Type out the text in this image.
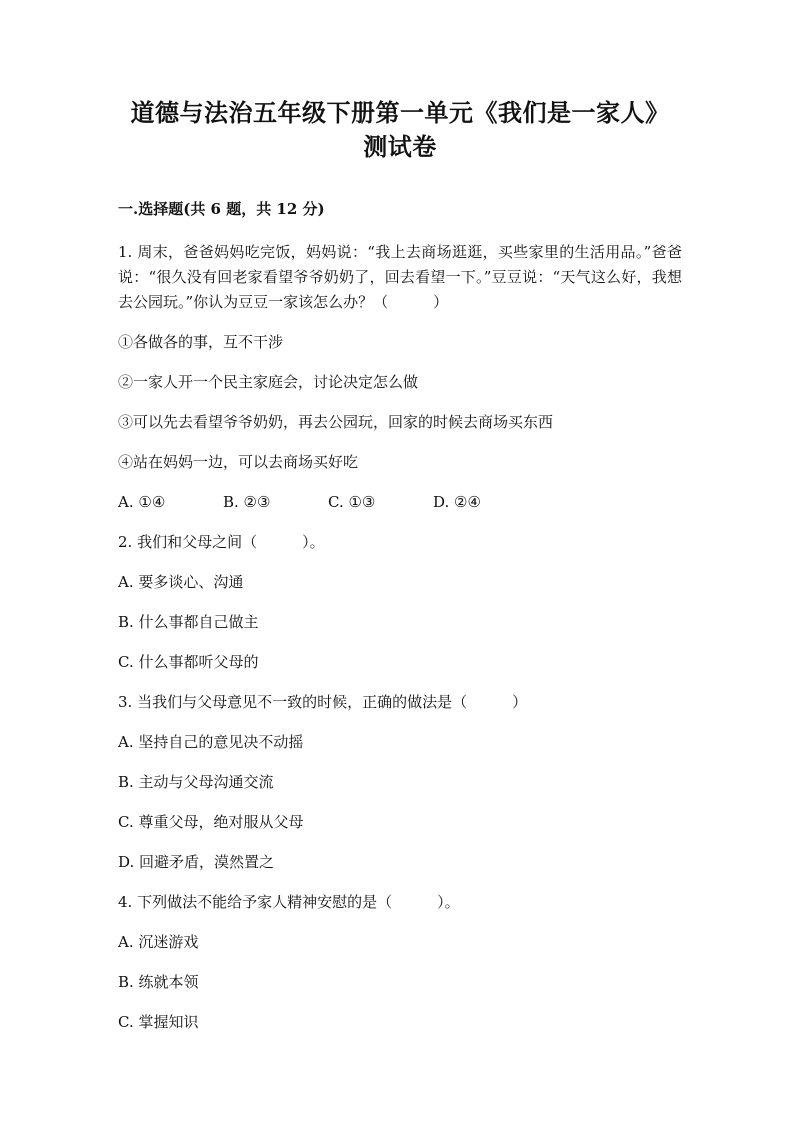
道德与法治五年级下册第一单元《我们是一家人》
测试卷
一.选择题(共 6 题，共 12 分)
1. 周末，爸爸妈妈吃完饭，妈妈说：“我上去商场逛逛，买些家里的生活用品。”爸爸说：“很久没有回老家看望爷爷奶奶了，回去看望一下。”豆豆说：“天气这么好，我想去公园玩。”你认为豆豆一家该怎么办？（　　　）
①各做各的事，互不干涉
②一家人开一个民主家庭会，讨论决定怎么做
③可以先去看望爷爷奶奶，再去公园玩，回家的时候去商场买东西
④站在妈妈一边，可以去商场买好吃
A. ①④	B. ②③	C. ①③	D. ②④
2. 我们和父母之间（　　　）。
A. 要多谈心、沟通
B. 什么事都自己做主
C. 什么事都听父母的
3. 当我们与父母意见不一致的时候，正确的做法是（　　　）
A. 坚持自己的意见决不动摇
B. 主动与父母沟通交流
C. 尊重父母，绝对服从父母
D. 回避矛盾，漠然置之
4. 下列做法不能给予家人精神安慰的是（　　　）。
A. 沉迷游戏
B. 练就本领
C. 掌握知识
